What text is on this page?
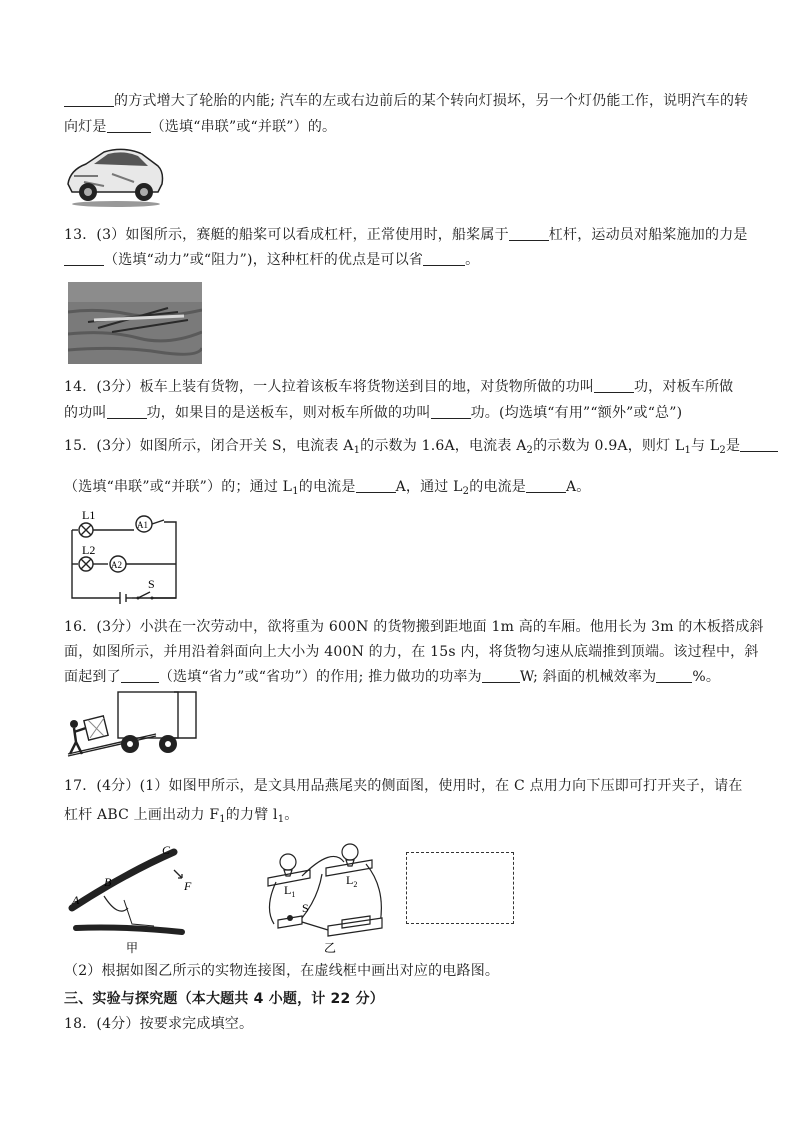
的方式增大了轮胎的内能; 汽车的左或右边前后的某个转向灯损坏，另一个灯仍能工作，说明汽车的转
向灯是	（选填“串联”或“并联”）的。
13．(3）如图所示，赛艇的船桨可以看成杠杆，正常使用时，船桨属于	杠杆，运动员对船桨施加的力是
（选填“动力”或“阻力”)，这种杠杆的优点是可以省	。
14．(3分）板车上装有货物，一人拉着该板车将货物送到目的地，对货物所做的功叫	功，对板车所做
的功叫	功，如果目的是送板车，则对板车所做的功叫	功。(均选填“有用”“额外”或“总”)
15．(3分）如图所示，闭合开关 S，电流表 $A_1$的示数为 1.6A，电流表 $A_2$的示数为 0.9A，则灯 $L_1$与 $L_2$是
（选填“串联”或“并联”）的；通过 $L_1$的电流是	A，通过 $L_2$的电流是	A。
L1
L2
A1
A2
S
16．(3分）小洪在一次劳动中，欲将重为 600N 的货物搬到距地面 1m 高的车厢。他用长为 3m 的木板搭成斜
面，如图所示，并用沿着斜面向上大小为 400N 的力，在 15s 内，将货物匀速从底端推到顶端。该过程中，斜
面起到了	（选填“省力”或“省功”）的作用; 推力做功的功率为	W; 斜面的机械效率为	%。
17．(4分）(1）如图甲所示，是文具用品燕尾夹的侧面图，使用时，在 C 点用力向下压即可打开夹子，请在
杠杆 ABC 上画出动力 $F_1$的力臂 $l_1$。
A
B
C
F
甲
$L_1$
$L_2$
S
乙
（2）根据如图乙所示的实物连接图，在虚线框中画出对应的电路图。
三、实验与探究题（本大题共 4 小题，计 22 分）
18．(4分）按要求完成填空。
